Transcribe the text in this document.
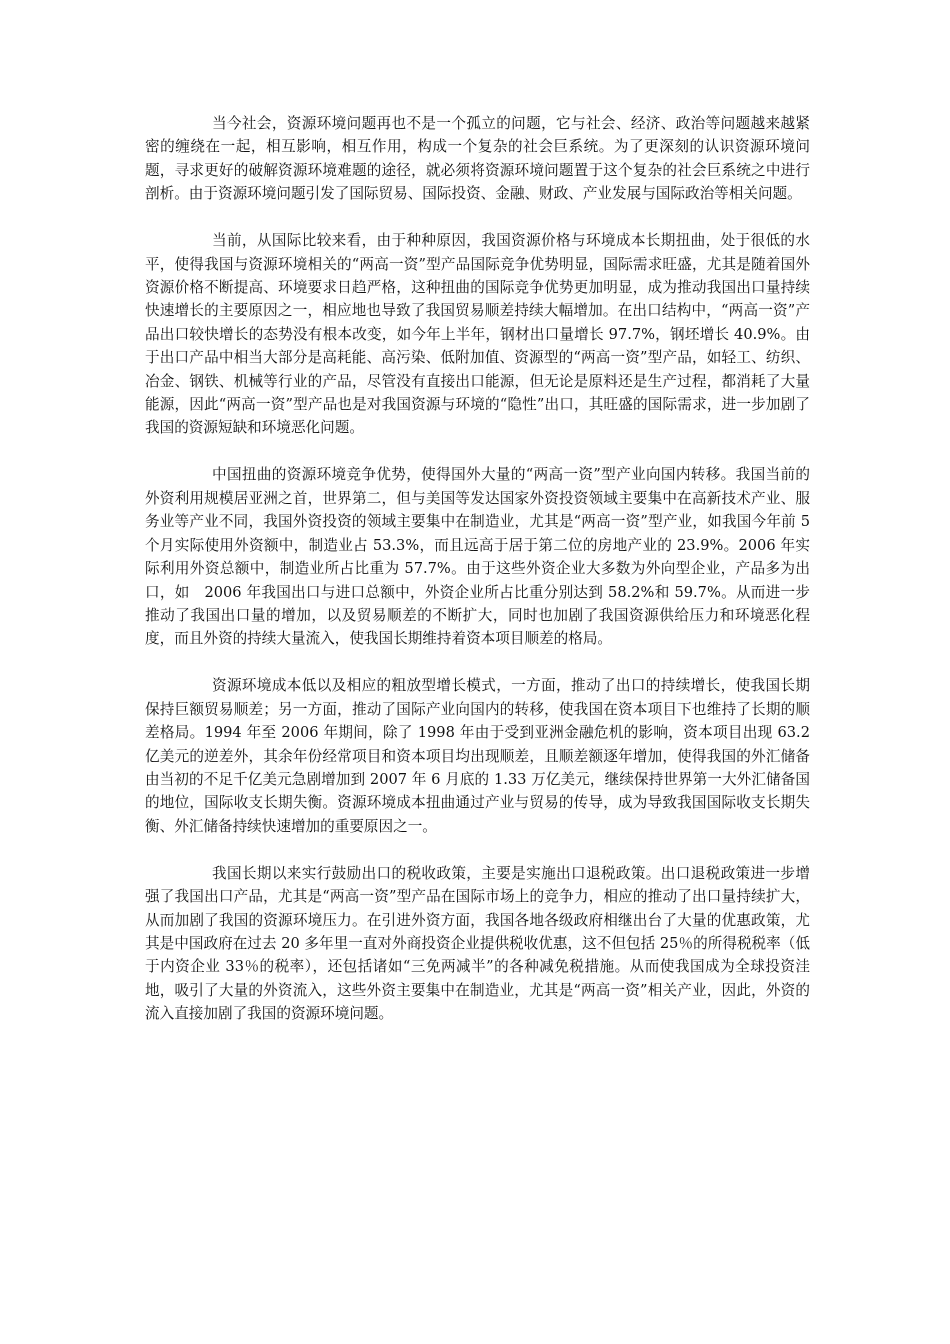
当今社会，资源环境问题再也不是一个孤立的问题，它与社会、经济、政治等问题越来越紧密的缠绕在一起，相互影响，相互作用，构成一个复杂的社会巨系统。为了更深刻的认识资源环境问题，寻求更好的破解资源环境难题的途径，就必须将资源环境问题置于这个复杂的社会巨系统之中进行剖析。由于资源环境问题引发了国际贸易、国际投资、金融、财政、产业发展与国际政治等相关问题。

当前，从国际比较来看，由于种种原因，我国资源价格与环境成本长期扭曲，处于很低的水平，使得我国与资源环境相关的“两高一资”型产品国际竞争优势明显，国际需求旺盛，尤其是随着国外资源价格不断提高、环境要求日趋严格，这种扭曲的国际竞争优势更加明显，成为推动我国出口量持续快速增长的主要原因之一，相应地也导致了我国贸易顺差持续大幅增加。在出口结构中，“两高一资”产品出口较快增长的态势没有根本改变，如今年上半年，钢材出口量增长 97.7%，钢坯增长 40.9%。由于出口产品中相当大部分是高耗能、高污染、低附加值、资源型的“两高一资”型产品，如轻工、纺织、冶金、钢铁、机械等行业的产品，尽管没有直接出口能源，但无论是原料还是生产过程，都消耗了大量能源，因此“两高一资”型产品也是对我国资源与环境的“隐性”出口，其旺盛的国际需求，进一步加剧了我国的资源短缺和环境恶化问题。

中国扭曲的资源环境竞争优势，使得国外大量的“两高一资”型产业向国内转移。我国当前的外资利用规模居亚洲之首，世界第二，但与美国等发达国家外资投资领域主要集中在高新技术产业、服务业等产业不同，我国外资投资的领域主要集中在制造业，尤其是“两高一资”型产业，如我国今年前 5 个月实际使用外资额中，制造业占 53.3%，而且远高于居于第二位的房地产业的 23.9%。2006 年实际利用外资总额中，制造业所占比重为 57.7%。由于这些外资企业大多数为外向型企业，产品多为出口，如　2006 年我国出口与进口总额中，外资企业所占比重分别达到 58.2%和 59.7%。从而进一步推动了我国出口量的增加，以及贸易顺差的不断扩大，同时也加剧了我国资源供给压力和环境恶化程度，而且外资的持续大量流入，使我国长期维持着资本项目顺差的格局。

资源环境成本低以及相应的粗放型增长模式，一方面，推动了出口的持续增长，使我国长期保持巨额贸易顺差；另一方面，推动了国际产业向国内的转移，使我国在资本项目下也维持了长期的顺差格局。1994 年至 2006 年期间，除了 1998 年由于受到亚洲金融危机的影响，资本项目出现 63.2 亿美元的逆差外，其余年份经常项目和资本项目均出现顺差，且顺差额逐年增加，使得我国的外汇储备由当初的不足千亿美元急剧增加到 2007 年 6 月底的 1.33 万亿美元，继续保持世界第一大外汇储备国的地位，国际收支长期失衡。资源环境成本扭曲通过产业与贸易的传导，成为导致我国国际收支长期失衡、外汇储备持续快速增加的重要原因之一。

我国长期以来实行鼓励出口的税收政策，主要是实施出口退税政策。出口退税政策进一步增强了我国出口产品，尤其是“两高一资”型产品在国际市场上的竞争力，相应的推动了出口量持续扩大，从而加剧了我国的资源环境压力。在引进外资方面，我国各地各级政府相继出台了大量的优惠政策，尤其是中国政府在过去 20 多年里一直对外商投资企业提供税收优惠，这不但包括 25％的所得税税率（低于内资企业 33％的税率），还包括诸如“三免两减半”的各种减免税措施。从而使我国成为全球投资洼地，吸引了大量的外资流入，这些外资主要集中在制造业，尤其是“两高一资”相关产业，因此，外资的流入直接加剧了我国的资源环境问题。
